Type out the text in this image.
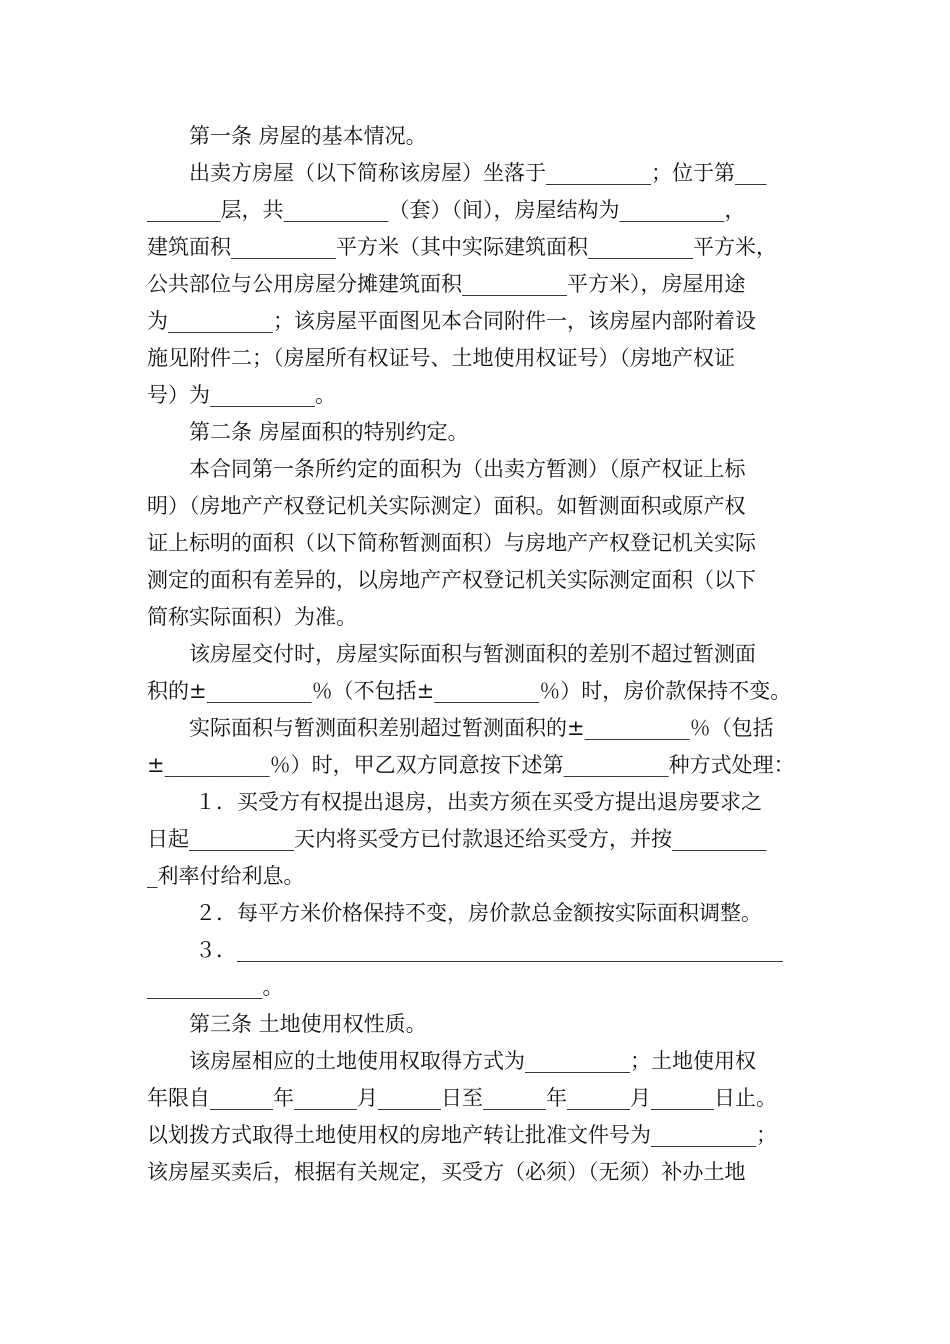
第一条 房屋的基本情况。
出卖方房屋（以下简称该房屋）坐落于__________；位于第___
_______层，共__________（套）（间），房屋结构为__________，
建筑面积__________平方米（其中实际建筑面积__________平方米，
公共部位与公用房屋分摊建筑面积__________平方米），房屋用途
为__________；该房屋平面图见本合同附件一，该房屋内部附着设
施见附件二；（房屋所有权证号、土地使用权证号）（房地产权证
号）为__________。
第二条 房屋面积的特别约定。
本合同第一条所约定的面积为（出卖方暂测）（原产权证上标
明）（房地产产权登记机关实际测定）面积。如暂测面积或原产权
证上标明的面积（以下简称暂测面积）与房地产产权登记机关实际
测定的面积有差异的，以房地产产权登记机关实际测定面积（以下
简称实际面积）为准。
该房屋交付时，房屋实际面积与暂测面积的差别不超过暂测面
积的±__________％（不包括±__________％）时，房价款保持不变。
实际面积与暂测面积差别超过暂测面积的±__________％（包括
±__________％）时，甲乙双方同意按下述第__________种方式处理：
１．买受方有权提出退房，出卖方须在买受方提出退房要求之
日起__________天内将买受方已付款退还给买受方，并按_________
_利率付给利息。
２．每平方米价格保持不变，房价款总金额按实际面积调整。
３．____________________________________________________
___________。
第三条 土地使用权性质。
该房屋相应的土地使用权取得方式为__________；土地使用权
年限自______年______月______日至______年______月______日止。
以划拨方式取得土地使用权的房地产转让批准文件号为__________；
该房屋买卖后，根据有关规定，买受方（必须）（无须）补办土地
